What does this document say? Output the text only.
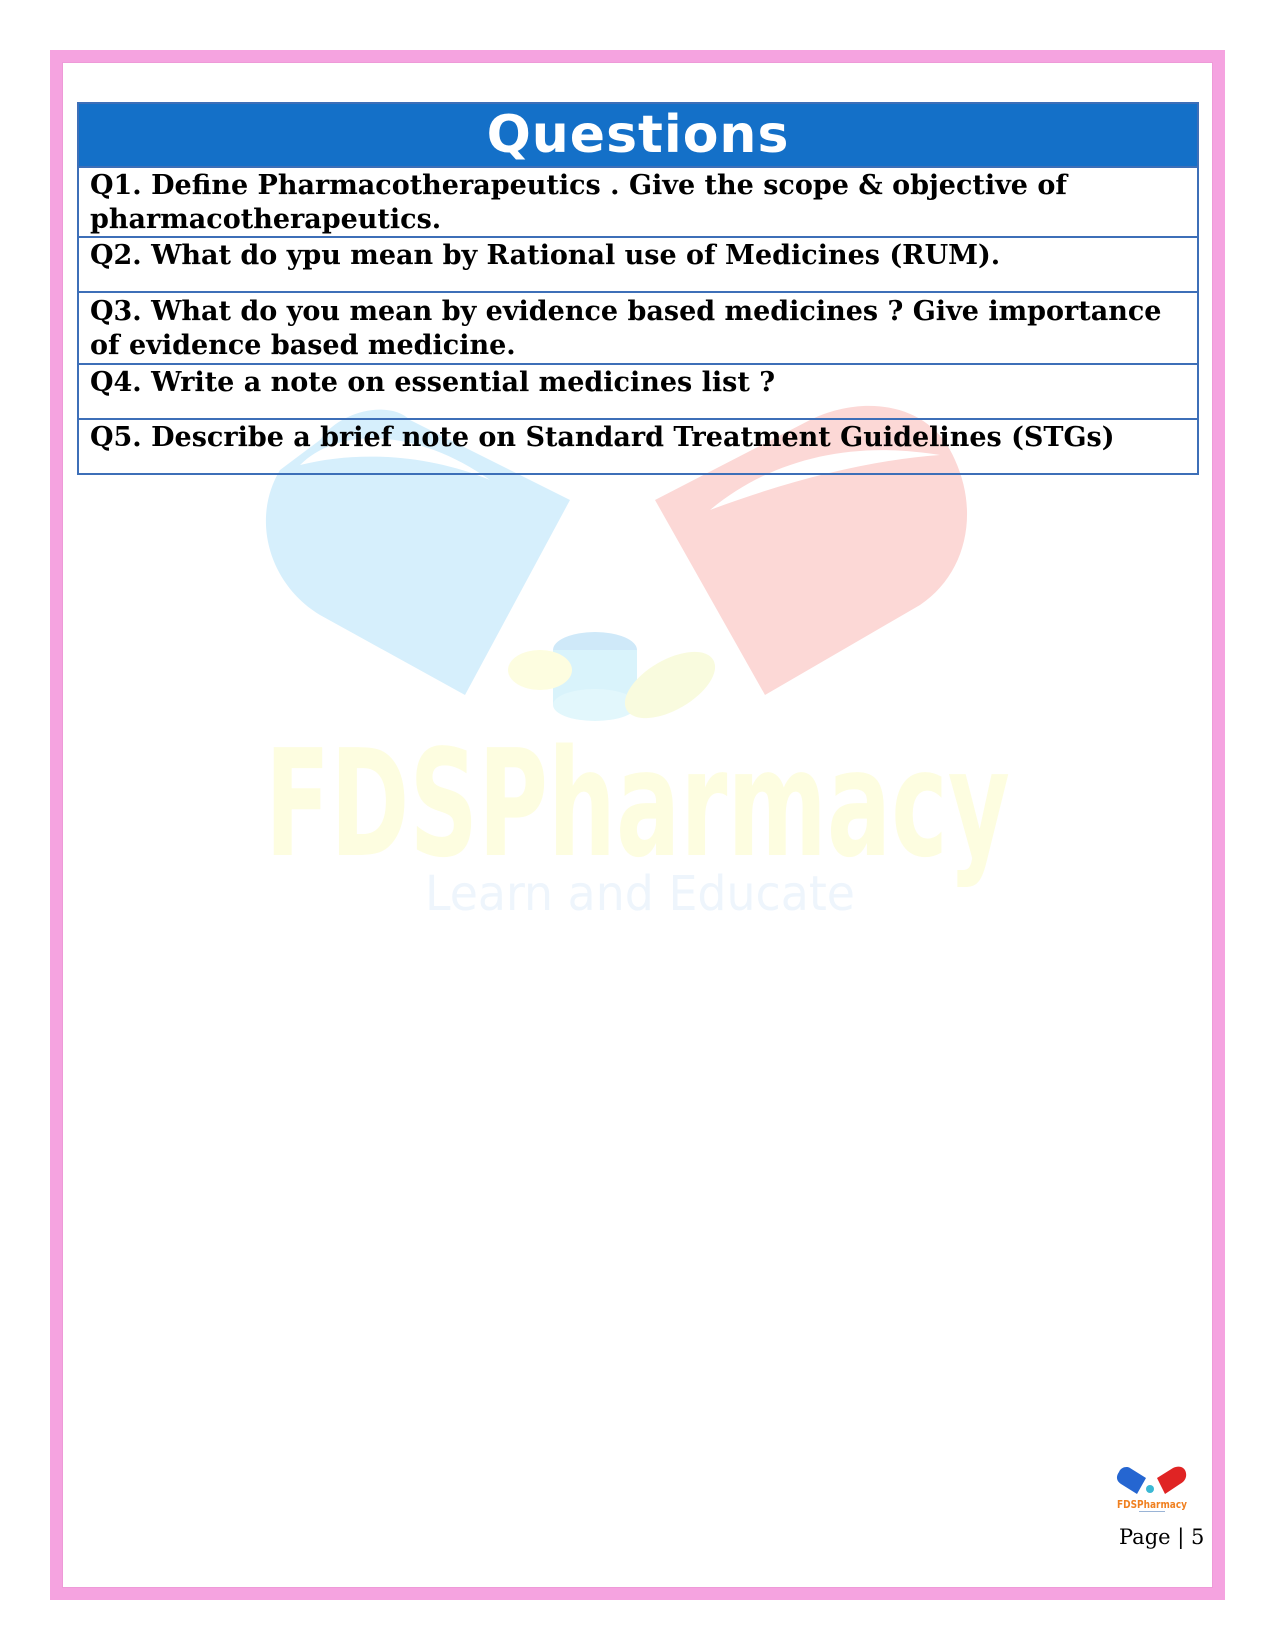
FDSPharmacy
Learn and Educate
Questions
Q1. Define Pharmacotherapeutics . Give the scope & objective of pharmacotherapeutics.
Q2. What do ypu mean by Rational use of Medicines (RUM).
Q3. What do you mean by evidence based medicines ? Give importance of evidence based medicine.
Q4. Write a note on essential medicines list ?
Q5. Describe a brief note on Standard Treatment Guidelines (STGs)
FDSPharmacy
Page | 5
